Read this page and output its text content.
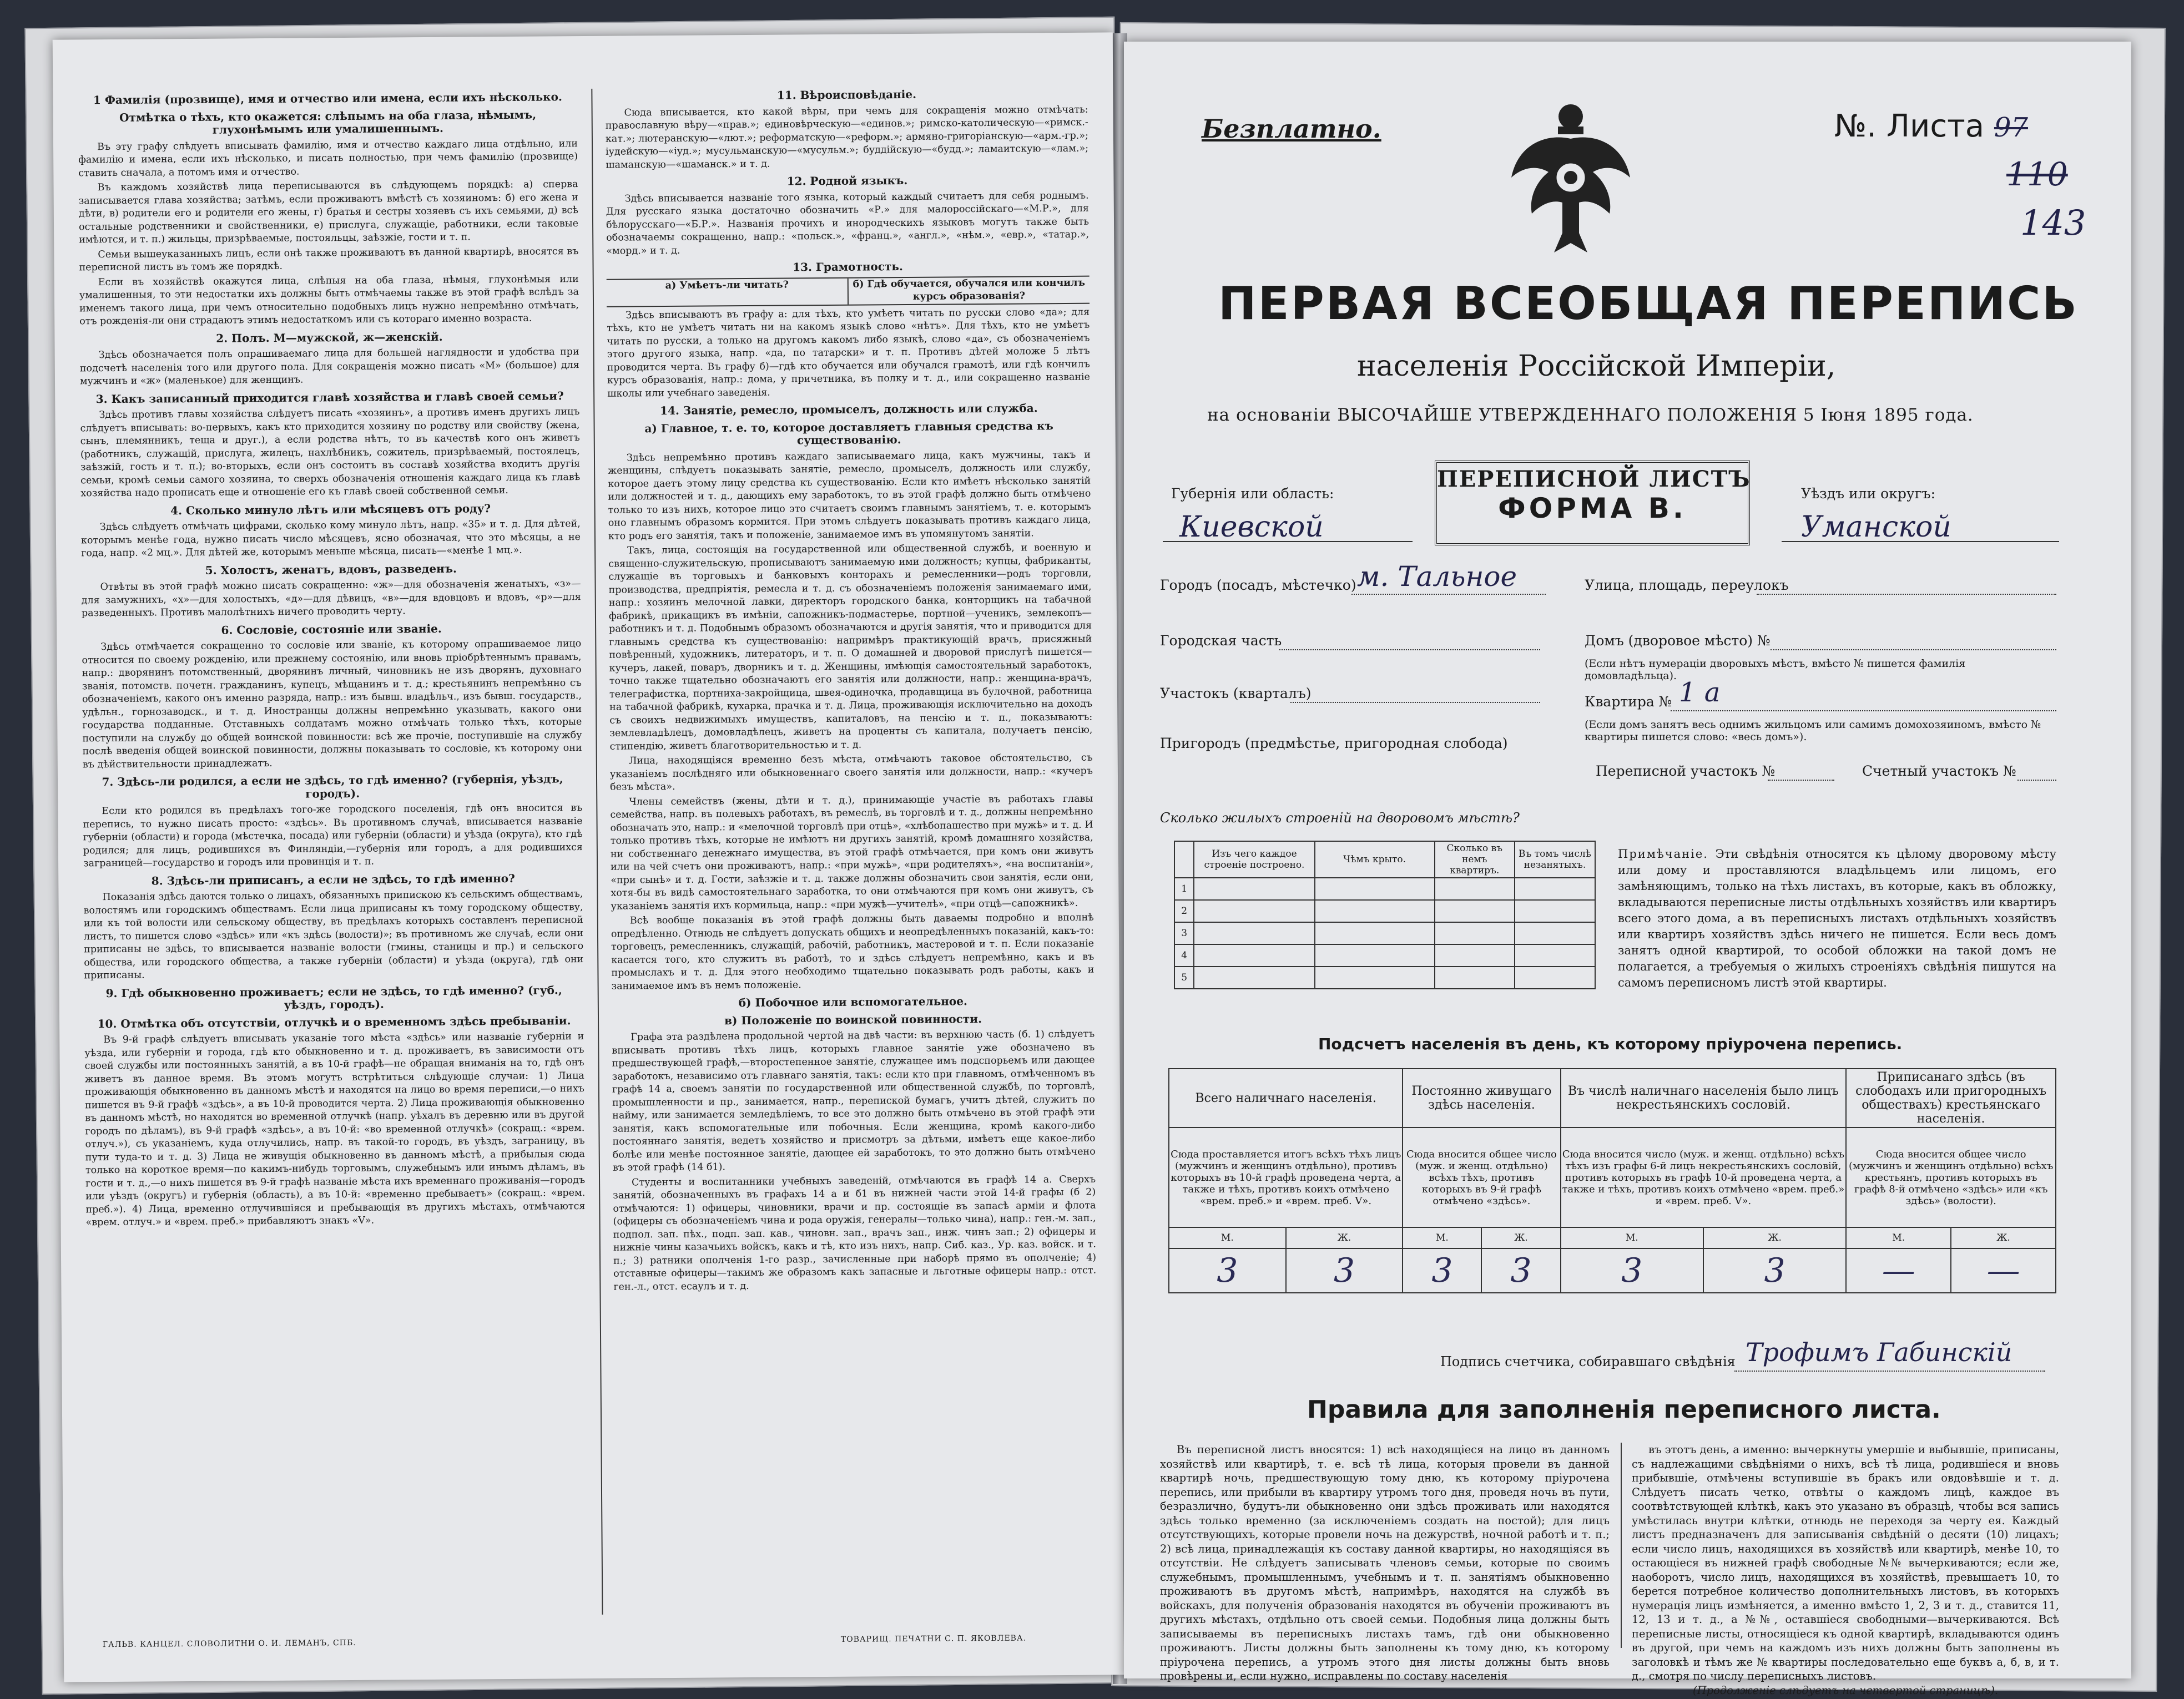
1 Фамилія (прозвище), имя и отчество или имена, если ихъ нѣсколько.
Отмѣтка о тѣхъ, кто окажется: слѣпымъ на оба глаза, нѣмымъ, глухонѣмымъ или умалишеннымъ.

Въ эту графу слѣдуетъ вписывать фамилію, имя и отчество каждаго лица отдѣльно, или фамилію и имена, если ихъ нѣсколько, и писать полностью, при чемъ фамилію (прозвище) ставить сначала, а потомъ имя и отчество.

Въ каждомъ хозяйствѣ лица переписываются въ слѣдующемъ порядкѣ: а) сперва записывается глава хозяйства; затѣмъ, если проживаютъ вмѣстѣ съ хозяиномъ: б) его жена и дѣти, в) родители его и родители его жены, г) братья и сестры хозяевъ съ ихъ семьями, д) всѣ остальные родственники и свойственники, е) прислуга, служащіе, работники, если таковые имѣются, и т. п.) жильцы, призрѣваемые, постояльцы, заѣзжіе, гости и т. п.

Семьи вышеуказанныхъ лицъ, если онѣ также проживаютъ въ данной квартирѣ, вносятся въ переписной листъ въ томъ же порядкѣ.

Если въ хозяйствѣ окажутся лица, слѣпыя на оба глаза, нѣмыя, глухонѣмыя или умалишенныя, то эти недостатки ихъ должны быть отмѣчаемы также въ этой графѣ вслѣдъ за именемъ такого лица, при чемъ относительно подобныхъ лицъ нужно непремѣнно отмѣчать, отъ рожденія-ли они страдаютъ этимъ недостаткомъ или съ котораго именно возраста.

2. Полъ. М—мужской, ж—женскій.

Здѣсь обозначается полъ опрашиваемаго лица для большей наглядности и удобства при подсчетѣ населенія того или другого пола. Для сокращенія можно писать «М» (большое) для мужчинъ и «ж» (маленькое) для женщинъ.

3. Какъ записанный приходится главѣ хозяйства и главѣ своей семьи?

Здѣсь противъ главы хозяйства слѣдуетъ писать «хозяинъ», а противъ именъ другихъ лицъ слѣдуетъ вписывать: во-первыхъ, какъ кто приходится хозяину по родству или свойству (жена, сынъ, племянникъ, теща и друг.), а если родства нѣтъ, то въ качествѣ кого онъ живетъ (работникъ, служащій, прислуга, жилецъ, нахлѣбникъ, сожитель, призрѣваемый, постоялецъ, заѣзжій, гость и т. п.); во-вторыхъ, если онъ состоитъ въ составѣ хозяйства входитъ другія семьи, кромѣ семьи самого хозяина, то сверхъ обозначенія отношенія каждаго лица къ главѣ хозяйства надо прописать еще и отношеніе его къ главѣ своей собственной семьи.

4. Сколько минуло лѣтъ или мѣсяцевъ отъ роду?

Здѣсь слѣдуетъ отмѣчать цифрами, сколько кому минуло лѣтъ, напр. «35» и т. д. Для дѣтей, которымъ менѣе года, нужно писать число мѣсяцевъ, ясно обозначая, что это мѣсяцы, а не года, напр. «2 мц.». Для дѣтей же, которымъ меньше мѣсяца, писать—«менѣе 1 мц.».

5. Холостъ, женатъ, вдовъ, разведенъ.

Отвѣты въ этой графѣ можно писать сокращенно: «ж»—для обозначенія женатыхъ, «з»—для замужнихъ, «х»—для холостыхъ, «д»—для дѣвицъ, «в»—для вдовцовъ и вдовъ, «р»—для разведенныхъ. Противъ малолѣтнихъ ничего проводить черту.

6. Сословіе, состояніе или званіе.

Здѣсь отмѣчается сокращенно то сословіе или званіе, къ которому опрашиваемое лицо относится по своему рожденію, или прежнему состоянію, или вновь пріобрѣтеннымъ правамъ, напр.: дворянинъ потомственный, дворянинъ личный, чиновникъ не изъ дворянъ, духовнаго званія, потомств. почетн. гражданинъ, купецъ, мѣщанинъ и т. д.; крестьянинъ непремѣнно съ обозначеніемъ, какого онъ именно разряда, напр.: изъ бывш. владѣльч., изъ бывш. государств., удѣльн., горнозаводск., и т. д. Иностранцы должны непремѣнно указывать, какого они государства подданные. Отставныхъ солдатамъ можно отмѣчать только тѣхъ, которые поступили на службу до общей воинской повинности: всѣ же прочіе, поступившіе на службу послѣ введенія общей воинской повинности, должны показывать то сословіе, къ которому они въ дѣйствительности принадлежатъ.

7. Здѣсь-ли родился, а если не здѣсь, то гдѣ именно? (губернія, уѣздъ, городъ).

Если кто родился въ предѣлахъ того-же городского поселенія, гдѣ онъ вносится въ перепись, то нужно писать просто: «здѣсь». Въ противномъ случаѣ, вписывается названіе губерніи (области) и города (мѣстечка, посада) или губерніи (области) и уѣзда (округа), кто гдѣ родился; для лицъ, родившихся въ Финляндіи,—губернія или городъ, а для родившихся заграницей—государство и городъ или провинція и т. п.

8. Здѣсь-ли приписанъ, а если не здѣсь, то гдѣ именно?

Показанія здѣсь даются только о лицахъ, обязанныхъ припискою къ сельскимъ обществамъ, волостямъ или городскимъ обществамъ. Если лица приписаны къ тому городскому обществу, или къ той волости или сельскому обществу, въ предѣлахъ которыхъ составленъ переписной листъ, то пишется слово «здѣсь» или «къ здѣсь (волости)»; въ противномъ же случаѣ, если они приписаны не здѣсь, то вписывается названіе волости (гмины, станицы и пр.) и сельского общества, или городского общества, а также губерніи (области) и уѣзда (округа), гдѣ они приписаны.

9. Гдѣ обыкновенно проживаетъ; если не здѣсь, то гдѣ именно? (губ., уѣздъ, городъ).
10. Отмѣтка объ отсутствіи, отлучкѣ и о временномъ здѣсь пребываніи.

Въ 9-й графѣ слѣдуетъ вписывать указаніе того мѣста «здѣсь» или названіе губерніи и уѣзда, или губерніи и города, гдѣ кто обыкновенно и т. д. проживаетъ, въ зависимости отъ своей службы или постоянныхъ занятій, а въ 10-й графѣ—не обращая вниманія на то, гдѣ онъ живетъ въ данное время. Въ этомъ могутъ встрѣтиться слѣдующіе случаи: 1) Лица проживающія обыкновенно въ данномъ мѣстѣ и находятся на лицо во время переписи,—о нихъ пишется въ 9-й графѣ «здѣсь», а въ 10-й проводится черта. 2) Лица проживающія обыкновенно въ данномъ мѣстѣ, но находятся во временной отлучкѣ (напр. уѣхалъ въ деревню или въ другой городъ по дѣламъ), въ 9-й графѣ «здѣсь», а въ 10-й: «во временной отлучкѣ» (сокращ.: «врем. отлуч.»), съ указаніемъ, куда отлучились, напр. въ такой-то городъ, въ уѣздъ, заграницу, въ пути туда-то и т. д. 3) Лица не живущія обыкновенно въ данномъ мѣстѣ, а прибылыя сюда только на короткое время—по какимъ-нибудь торговымъ, служебнымъ или инымъ дѣламъ, въ гости и т. д.,—о нихъ пишется въ 9-й графѣ названіе мѣста ихъ временнаго проживанія—городъ или уѣздъ (округъ) и губернія (область), а въ 10-й: «временно пребываетъ» (сокращ.: «врем. преб.»). 4) Лица, временно отлучившіяся и пребывающія въ другихъ мѣстахъ, отмѣчаются «врем. отлуч.» и «врем. преб.» прибавляютъ знакъ «V».

11. Вѣроисповѣданіе.

Сюда вписывается, кто какой вѣры, при чемъ для сокращенія можно отмѣчать: православную вѣру—«прав.»; единовѣрческую—«единов.»; римско-католическую—«римск.-кат.»; лютеранскую—«лют.»; реформатскую—«реформ.»; армяно-григоріанскую—«арм.-гр.»; іудейскую—«іуд.»; мусульманскую—«мусульм.»; буддійскую—«будд.»; ламаитскую—«лам.»; шаманскую—«шаманск.» и т. д.

12. Родной языкъ.

Здѣсь вписывается названіе того языка, который каждый считаетъ для себя роднымъ. Для русскаго языка достаточно обозначить «Р.» для малороссійскаго—«М.Р.», для бѣлорусскаго—«Б.Р.». Названія прочихъ и инородческихъ языковъ могутъ также быть обозначаемы сокращенно, напр.: «польск.», «франц.», «англ.», «нѣм.», «евр.», «татар.», «морд.» и т. д.

13. Грамотность.
а) Умѣетъ-ли читать?	б) Гдѣ обучается, обучался или кончилъ курсъ образованія?

Здѣсь вписываютъ въ графу а: для тѣхъ, кто умѣетъ читать по русски слово «да»; для тѣхъ, кто не умѣетъ читать ни на какомъ языкѣ слово «нѣтъ». Для тѣхъ, кто не умѣетъ читать по русски, а только на другомъ какомъ либо языкѣ, слово «да», съ обозначеніемъ этого другого языка, напр. «да, по татарски» и т. п. Противъ дѣтей моложе 5 лѣтъ проводится черта. Въ графу б)—гдѣ кто обучается или обучался грамотѣ, или гдѣ кончилъ курсъ образованія, напр.: дома, у причетника, въ полку и т. д., или сокращенно названіе школы или учебнаго заведенія.

14. Занятіе, ремесло, промыселъ, должность или служба.
а) Главное, т. е. то, которое доставляетъ главныя средства къ существованію.

Здѣсь непремѣнно противъ каждаго записываемаго лица, какъ мужчины, такъ и женщины, слѣдуетъ показывать занятіе, ремесло, промыселъ, должность или службу, которое даетъ этому лицу средства къ существованію. Если кто имѣетъ нѣсколько занятій или должностей и т. д., дающихъ ему заработокъ, то въ этой графѣ должно быть отмѣчено только то изъ нихъ, которое лицо это считаетъ своимъ главнымъ занятіемъ, т. е. которымъ оно главнымъ образомъ кормится. При этомъ слѣдуетъ показывать противъ каждаго лица, кто родъ его занятія, такъ и положеніе, занимаемое имъ въ упомянутомъ занятіи.

Такъ, лица, состоящія на государственной или общественной службѣ, и военную и священно-служительскую, прописываютъ занимаемую ими должность; купцы, фабриканты, служащіе въ торговыхъ и банковыхъ конторахъ и ремесленники—родъ торговли, производства, предпріятія, ремесла и т. д. съ обозначеніемъ положенія занимаемаго ими, напр.: хозяинъ мелочной лавки, директоръ городского банка, конторщикъ на табачной фабрикѣ, прикащикъ въ имѣніи, сапожникъ-подмастерье, портной—ученикъ, землекопъ—работникъ и т. д. Подобнымъ образомъ обозначаются и другія занятія, что и приводится для главнымъ средства къ существованію: напримѣръ практикующій врачъ, присяжный повѣренный, художникъ, литераторъ, и т. п. О домашней и дворовой прислугѣ пишется—кучеръ, лакей, поваръ, дворникъ и т. д. Женщины, имѣющія самостоятельный заработокъ, точно также тщательно обозначаютъ его занятія или должности, напр.: женщина-врачъ, телеграфистка, портниха-закройщица, швея-одиночка, продавщица въ булочной, работница на табачной фабрикѣ, кухарка, прачка и т. д. Лица, проживающія исключительно на доходъ съ своихъ недвижимыхъ имуществъ, капиталовъ, на пенсію и т. п., показываютъ: землевладѣлецъ, домовладѣлецъ, живетъ на проценты съ капитала, получаетъ пенсію, стипендію, живетъ благотворительностью и т. д.

Лица, находящіяся временно безъ мѣста, отмѣчаютъ таковое обстоятельство, съ указаніемъ послѣдняго или обыкновеннаго своего занятія или должности, напр.: «кучеръ безъ мѣста».

Члены семействъ (жены, дѣти и т. д.), принимающіе участіе въ работахъ главы семейства, напр. въ полевыхъ работахъ, въ ремеслѣ, въ торговлѣ и т. д., должны непремѣнно обозначать это, напр.: и «мелочной торговлѣ при отцѣ», «хлѣбопашество при мужѣ» и т. д. И только противъ тѣхъ, которые не имѣютъ ни другихъ занятій, кромѣ домашняго хозяйства, ни собственнаго денежнаго имущества, въ этой графѣ отмѣчается, при комъ они живутъ или на чей счетъ они проживаютъ, напр.: «при мужѣ», «при родителяхъ», «на воспитаніи», «при сынѣ» и т. д. Гости, заѣзжіе и т. д. также должны обозначить свои занятія, если они, хотя-бы въ видѣ самостоятельнаго заработка, то они отмѣчаются при комъ они живутъ, съ указаніемъ занятія ихъ кормильца, напр.: «при мужѣ—учителѣ», «при отцѣ—сапожникѣ».

Всѣ вообще показанія въ этой графѣ должны быть даваемы подробно и вполнѣ опредѣленно. Отнюдь не слѣдуетъ допускать общихъ и неопредѣленныхъ показаній, какъ-то: торговецъ, ремесленникъ, служащій, рабочій, работникъ, мастеровой и т. п. Если показаніе касается того, кто служитъ въ работѣ, то и здѣсь слѣдуетъ непремѣнно, какъ и въ промыслахъ и т. д. Для этого необходимо тщательно показывать родъ работы, какъ и занимаемое имъ въ немъ положеніе.

б) Побочное или вспомогательное.
в) Положеніе по воинской повинности.

Графа эта раздѣлена продольной чертой на двѣ части: въ верхнюю часть (б. 1) слѣдуетъ вписывать противъ тѣхъ лицъ, которыхъ главное занятіе уже обозначено въ предшествующей графѣ,—второстепенное занятіе, служащее имъ подспорьемъ или дающее заработокъ, независимо отъ главнаго занятія, такъ: если кто при главномъ, отмѣченномъ въ графѣ 14 а, своемъ занятіи по государственной или общественной службѣ, по торговлѣ, промышленности и пр., занимается, напр., перепиской бумагъ, учитъ дѣтей, служитъ по найму, или занимается земледѣліемъ, то все это должно быть отмѣчено въ этой графѣ эти занятія, какъ вспомогательные или побочныя. Если женщина, кромѣ какого-либо постояннаго занятія, ведетъ хозяйство и присмотръ за дѣтьми, имѣетъ еще какое-либо болѣе или менѣе постоянное занятіе, дающее ей заработокъ, то это должно быть отмѣчено въ этой графѣ (14 б1).

Студенты и воспитанники учебныхъ заведеній, отмѣчаются въ графѣ 14 а. Сверхъ занятій, обозначенныхъ въ графахъ 14 а и б1 въ нижней части этой 14-й графы (б 2) отмѣчаются: 1) офицеры, чиновники, врачи и пр. состоящіе въ запасѣ арміи и флота (офицеры съ обозначеніемъ чина и рода оружія, генералы—только чина), напр.: ген.-м. зап., подпол. зап. пѣх., подп. зап. кав., чиновн. зап., врачъ зап., инж. чинъ зап.; 2) офицеры и нижніе чины казачьихъ войскъ, какъ и тѣ, кто изъ нихъ, напр. Сиб. каз., Ур. каз. войск. и т. п.; 3) ратники ополченія 1-го разр., зачисленные при наборѣ прямо въ ополченіе; 4) отставные офицеры—такимъ же образомъ какъ запасные и льготные офицеры напр.: отст. ген.-л., отст. есаулъ и т. д.

ГАЛЬВ. КАНЦЕЛ. СЛОВОЛИТНИ О. И. ЛЕМАНЪ, СПБ.	ТОВАРИЩ. ПЕЧАТНИ С. П. ЯКОВЛЕВА.
Безплатно.	№. Листа 97
110
143
ПЕРВАЯ ВСЕОБЩАЯ ПЕРЕПИСЬ
населенія Россійской Имперіи,
на основаніи ВЫСОЧАЙШЕ УТВЕРЖДЕННАГО ПОЛОЖЕНІЯ 5 Іюня 1895 года.
Губернія или область:
Киевской
ПЕРЕПИСНОЙ ЛИСТЪ
ФОРМА В.	Уѣздъ или округъ:
Уманской
Городъ (посадъ, мѣстечко) м. Тальное	Улица, площадь, переулокъ
Городская часть	Домъ (дворовое мѣсто) №
(Если нѣтъ нумераціи дворовыхъ мѣстъ, вмѣсто № пишется фамилія домовладѣльца).
Участокъ (кварталъ)
Квартира № 1 а
(Если домъ занятъ весь однимъ жильцомъ или самимъ домохозяиномъ, вмѣсто № квартиры пишется слово: «весь домъ»).
Пригородъ (предмѣстье, пригородная слобода)
Переписной участокъ №	Счетный участокъ №
Сколько жилыхъ строеній на дворовомъ мѣстѣ?
	Изъ чего каждое строеніе построено.	Чѣмъ крыто.	Сколько въ немъ квартиръ.	Въ томъ числѣ незанятыхъ.
1				
2				
3				
4				
5				
Примѣчаніе. Эти свѣдѣнія относятся къ цѣлому дворовому мѣсту или дому и проставляются владѣльцемъ или лицомъ, его замѣняющимъ, только на тѣхъ листахъ, въ которые, какъ въ обложку, вкладываются переписные листы отдѣльныхъ хозяйствъ или квартиръ всего этого дома, а въ переписныхъ листахъ отдѣльныхъ хозяйствъ или квартиръ хозяйствъ здѣсь ничего не пишется. Если весь домъ занятъ одной квартирой, то особой обложки на такой домъ не полагается, а требуемыя о жилыхъ строеніяхъ свѣдѣнія пишутся на самомъ переписномъ листѣ этой квартиры.
Подсчетъ населенія въ день, къ которому пріурочена перепись.
Всего наличнаго населенія.		Постоянно живущаго здѣсь населенія.		Въ числѣ наличнаго населенія было лицъ некрестьянскихъ сословій.		Приписанаго здѣсь (въ слободахъ или пригородныхъ обществахъ) крестьянскаго населенія.	
Сюда проставляется итогъ всѣхъ тѣхъ лицъ (мужчинъ и женщинъ отдѣльно), противъ которыхъ въ 10-й графѣ проведена черта, а также и тѣхъ, противъ коихъ отмѣчено «врем. преб.» и «врем. преб. V».		Сюда вносится общее число (муж. и женщ. отдѣльно) всѣхъ тѣхъ, противъ которыхъ въ 9-й графѣ отмѣчено «здѣсь».		Сюда вносится число (муж. и женщ. отдѣльно) всѣхъ тѣхъ изъ графы 6-й лицъ некрестьянскихъ сословій, противъ которыхъ въ графѣ 10-й проведена черта, а также и тѣхъ, противъ коихъ отмѣчено «врем. преб.» и «врем. преб. V».		Сюда вносится общее число (мужчинъ и женщинъ отдѣльно) всѣхъ крестьянъ, противъ которыхъ въ графѣ 8-й отмѣчено «здѣсь» или «къ здѣсь» (волости).	
М.	Ж.	М.	Ж.	М.	Ж.	М.	Ж.
3	3	3	3	3	3	—	—
Подпись счетчика, собиравшаго свѣдѣнія Трофимъ Габинскій
Правила для заполненія переписного листа.

Въ переписной листъ вносятся: 1) всѣ находящіеся на лицо въ данномъ хозяйствѣ или квартирѣ, т. е. всѣ тѣ лица, которыя провели въ данной квартирѣ ночь, предшествующую тому дню, къ которому пріурочена перепись, или прибыли въ квартиру утромъ того дня, проведя ночь въ пути, безразлично, будутъ-ли обыкновенно они здѣсь проживать или находятся здѣсь только временно (за исключеніемъ создать на постой); для лицъ отсутствующихъ, которые провели ночь на дежурствѣ, ночной работѣ и т. п.; 2) всѣ лица, принадлежащія къ составу данной квартиры, но находящіяся въ отсутствіи. Не слѣдуетъ записывать членовъ семьи, которые по своимъ служебнымъ, промышленнымъ, учебнымъ и т. п. занятіямъ обыкновенно проживаютъ въ другомъ мѣстѣ, напримѣръ, находятся на службѣ въ войскахъ, для полученія образованія находятся въ обученіи проживаютъ въ другихъ мѣстахъ, отдѣльно отъ своей семьи. Подобныя лица должны быть записываемы въ переписныхъ листахъ тамъ, гдѣ они обыкновенно проживаютъ. Листы должны быть заполнены къ тому дню, къ которому пріурочена перепись, а утромъ этого дня листы должны быть вновь провѣрены и, если нужно, исправлены по составу населенія

въ этотъ день, а именно: вычеркнуты умершіе и выбывшіе, приписаны, съ надлежащими свѣдѣніями о нихъ, всѣ тѣ лица, родившіеся и вновь прибывшіе, отмѣчены вступившіе въ бракъ или овдовѣвшіе и т. д. Слѣдуетъ писать четко, отвѣты о каждомъ лицѣ, каждое въ соотвѣтствующей клѣткѣ, какъ это указано въ образцѣ, чтобы вся запись умѣстилась внутри клѣтки, отнюдь не переходя за черту ея. Каждый листъ предназначенъ для записыванія свѣдѣній о десяти (10) лицахъ; если число лицъ, находящихся въ хозяйствѣ или квартирѣ, менѣе 10, то остающіеся въ нижней графѣ свободные №№ вычеркиваются; если же, наоборотъ, число лицъ, находящихся въ хозяйствѣ, превышаетъ 10, то берется потребное количество дополнительныхъ листовъ, въ которыхъ нумерація лицъ измѣняется, а именно вмѣсто 1, 2, 3 и т. д., ставится 11, 12, 13 и т. д., а №№, оставшіеся свободными—вычеркиваются. Всѣ переписные листы, относящіеся къ одной квартирѣ, вкладываются одинъ въ другой, при чемъ на каждомъ изъ нихъ должны быть заполнены въ заголовкѣ и тѣмъ же № квартиры последовательно еще буквъ а, б, в, и т. д., смотря по числу переписныхъ листовъ.

(Продолженіе слѣдуетъ на четвертой страницѣ).
